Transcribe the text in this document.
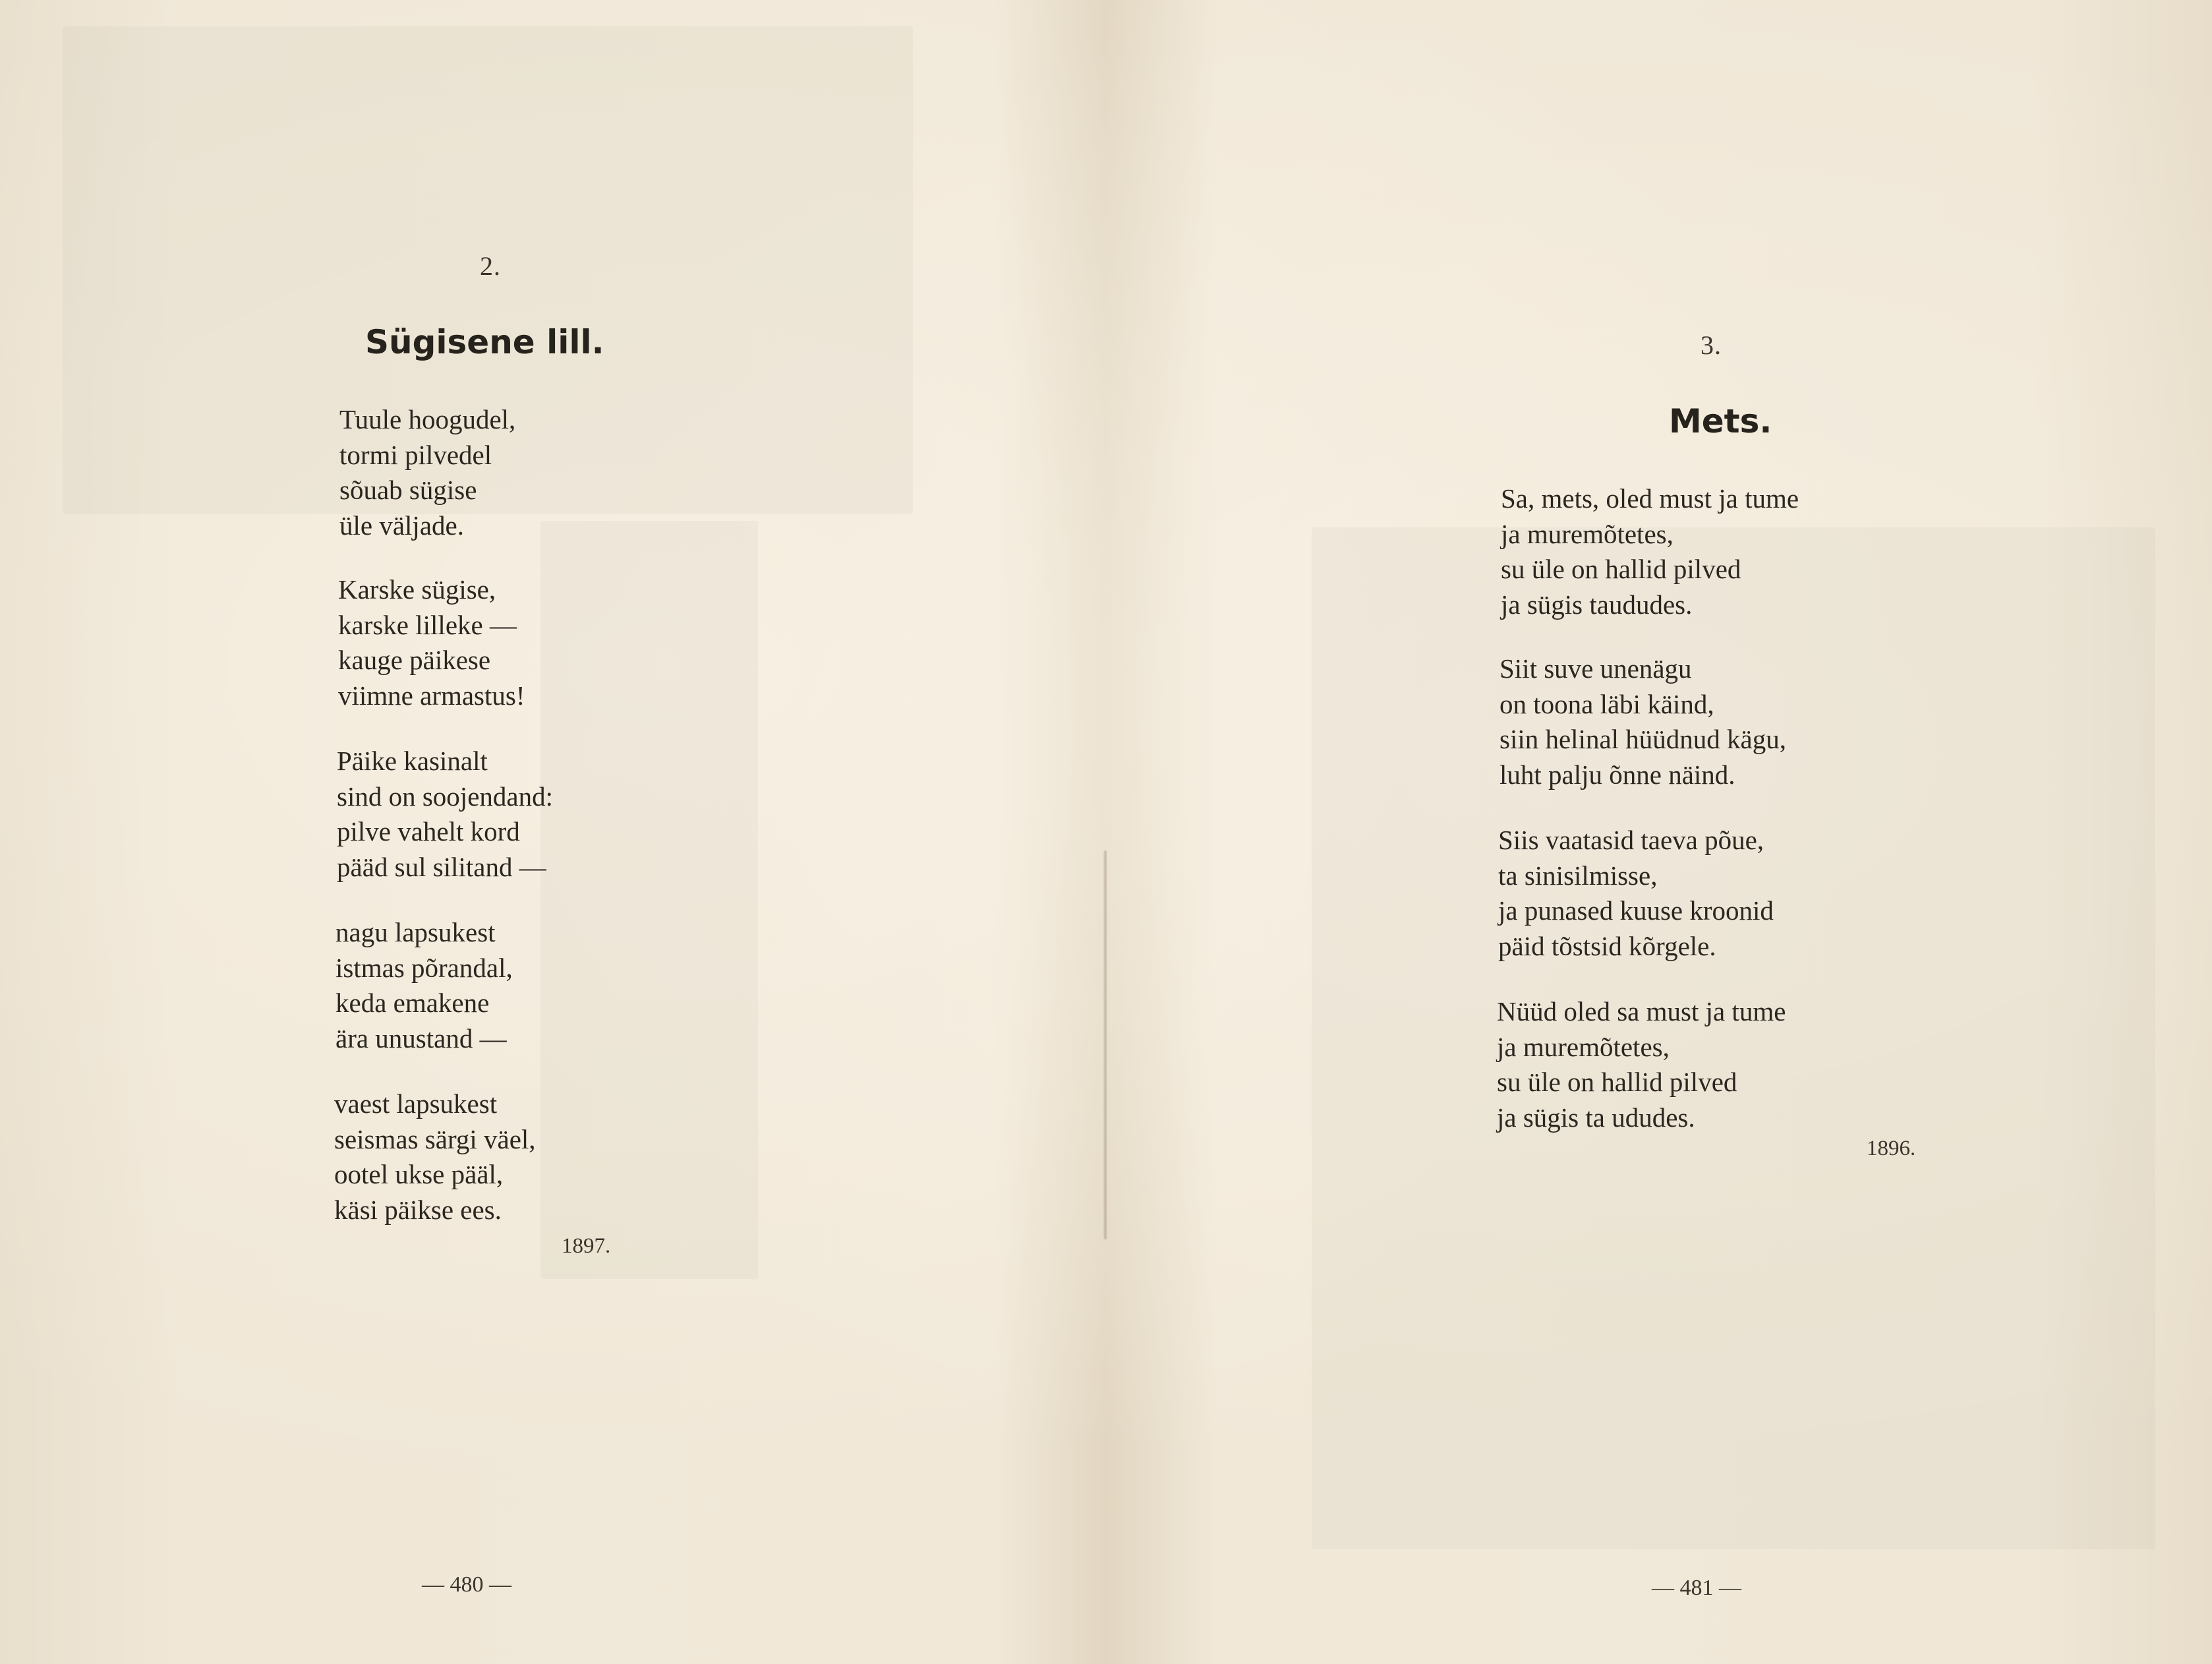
2.
Sügisene lill.
Tuule hoogudel,
tormi pilvedel
sõuab sügise
üle väljade.
Karske sügise,
karske lilleke —
kauge päikese
viimne armastus!
Päike kasinalt
sind on soojendand:
pilve vahelt kord
pääd sul silitand —
nagu lapsukest
istmas põrandal,
keda emakene
ära unustand —
vaest lapsukest
seismas särgi väel,
ootel ukse pääl,
käsi päikse ees.
1897.
— 480 —
3.
Mets.
Sa, mets, oled must ja tume
ja muremõtetes,
su üle on hallid pilved
ja sügis taududes.
Siit suve unenägu
on toona läbi käind,
siin helinal hüüdnud kägu,
luht palju õnne näind.
Siis vaatasid taeva põue,
ta sinisilmisse,
ja punased kuuse kroonid
päid tõstsid kõrgele.
Nüüd oled sa must ja tume
ja muremõtetes,
su üle on hallid pilved
ja sügis ta ududes.
1896.
— 481 —
